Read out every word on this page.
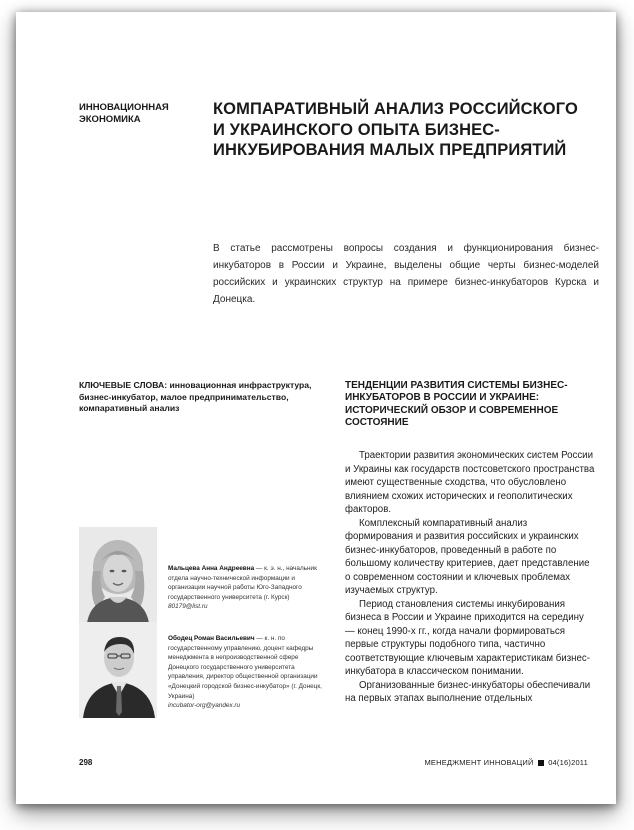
ИННОВАЦИОННАЯ ЭКОНОМИКА
КОМПАРАТИВНЫЙ АНАЛИЗ РОССИЙСКОГО И УКРАИНСКОГО ОПЫТА БИЗНЕС-ИНКУБИРОВАНИЯ МАЛЫХ ПРЕДПРИЯТИЙ
В статье рассмотрены вопросы создания и функционирования бизнес-инкубаторов в России и Украине, выделены общие черты бизнес-моделей российских и украинских структур на примере бизнес-инкубаторов Курска и Донецка.
КЛЮЧЕВЫЕ СЛОВА: инновационная инфраструктура, бизнес-инкубатор, малое предпринимательство, компаративный анализ
ТЕНДЕНЦИИ РАЗВИТИЯ СИСТЕМЫ БИЗНЕС-ИНКУБАТОРОВ В РОССИИ И УКРАИНЕ: ИСТОРИЧЕСКИЙ ОБЗОР И СОВРЕМЕННОЕ СОСТОЯНИЕ

Траектории развития экономических систем России и Украины как государств постсоветского пространства имеют существенные сходства, что обусловлено влиянием схожих исторических и геополитических факторов.

Комплексный компаративный анализ формирования и развития российских и украинских бизнес-инкубаторов, проведенный в работе по большому количеству критериев, дает представление о современном состоянии и ключевых проблемах изучаемых структур.

Период становления системы инкубирования бизнеса в России и Украине приходится на середину — конец 1990-х гг., когда начали формироваться первые структуры подобного типа, частично соответствующие ключевым характеристикам бизнес-инкубатора в классическом понимании.

Организованные бизнес-инкубаторы обеспечивали на первых этапах выполнение отдельных

Мальцева Анна Андреевна — к. э. н., начальник отдела научно-технической информации и организации научной работы Юго-Западного государственного университета (г. Курск)
80179@list.ru
Ободец Роман Васильевич — к. н. по государственному управлению, доцент кафедры менеджмента в непроизводственной сфере Донецкого государственного университета управления, директор общественной организации «Донецкий городской бизнес-инкубатор» (г. Донецк, Украина)
incubator-org@yandex.ru
298	МЕНЕДЖМЕНТ ИННОВАЦИЙ 04(16)2011
